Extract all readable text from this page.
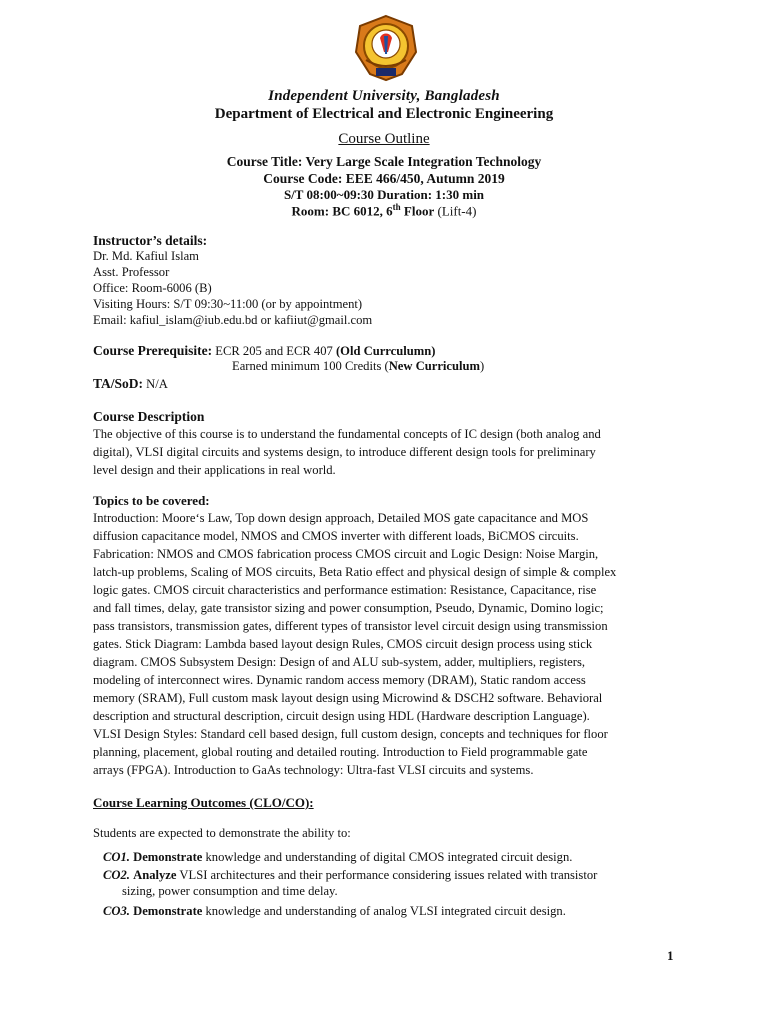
Independent University, Bangladesh
Department of Electrical and Electronic Engineering
Course Outline
Course Title: Very Large Scale Integration Technology
Course Code: EEE 466/450, Autumn 2019
S/T 08:00~09:30 Duration: 1:30 min
Room: BC 6012, 6th Floor (Lift-4)
Instructor’s details:
Dr. Md. Kafiul Islam
Asst. Professor
Office: Room-6006 (B)
Visiting Hours: S/T 09:30~11:00 (or by appointment)
Email: kafiul_islam@iub.edu.bd or kafiiut@gmail.com
Course Prerequisite: ECR 205 and ECR 407 (Old Currculumn)
Earned minimum 100 Credits (New Curriculum)
TA/SoD: N/A
Course Description
The objective of this course is to understand the fundamental concepts of IC design (both analog and
digital), VLSI digital circuits and systems design, to introduce different design tools for preliminary
level design and their applications in real world.
Topics to be covered:
Introduction: Moore‘s Law, Top down design approach, Detailed MOS gate capacitance and MOS
diffusion capacitance model, NMOS and CMOS inverter with different loads, BiCMOS circuits.
Fabrication: NMOS and CMOS fabrication process CMOS circuit and Logic Design: Noise Margin,
latch-up problems, Scaling of MOS circuits, Beta Ratio effect and physical design of simple & complex
logic gates. CMOS circuit characteristics and performance estimation: Resistance, Capacitance, rise
and fall times, delay, gate transistor sizing and power consumption, Pseudo, Dynamic, Domino logic;
pass transistors, transmission gates, different types of transistor level circuit design using transmission
gates. Stick Diagram: Lambda based layout design Rules, CMOS circuit design process using stick
diagram. CMOS Subsystem Design: Design of and ALU sub-system, adder, multipliers, registers,
modeling of interconnect wires. Dynamic random access memory (DRAM), Static random access
memory (SRAM), Full custom mask layout design using Microwind & DSCH2 software. Behavioral
description and structural description, circuit design using HDL (Hardware description Language).
VLSI Design Styles: Standard cell based design, full custom design, concepts and techniques for floor
planning, placement, global routing and detailed routing. Introduction to Field programmable gate
arrays (FPGA). Introduction to GaAs technology: Ultra-fast VLSI circuits and systems.
Course Learning Outcomes (CLO/CO):
Students are expected to demonstrate the ability to:
CO1. Demonstrate knowledge and understanding of digital CMOS integrated circuit design.
CO2. Analyze VLSI architectures and their performance considering issues related with transistor
sizing, power consumption and time delay.
CO3. Demonstrate knowledge and understanding of analog VLSI integrated circuit design.
1
